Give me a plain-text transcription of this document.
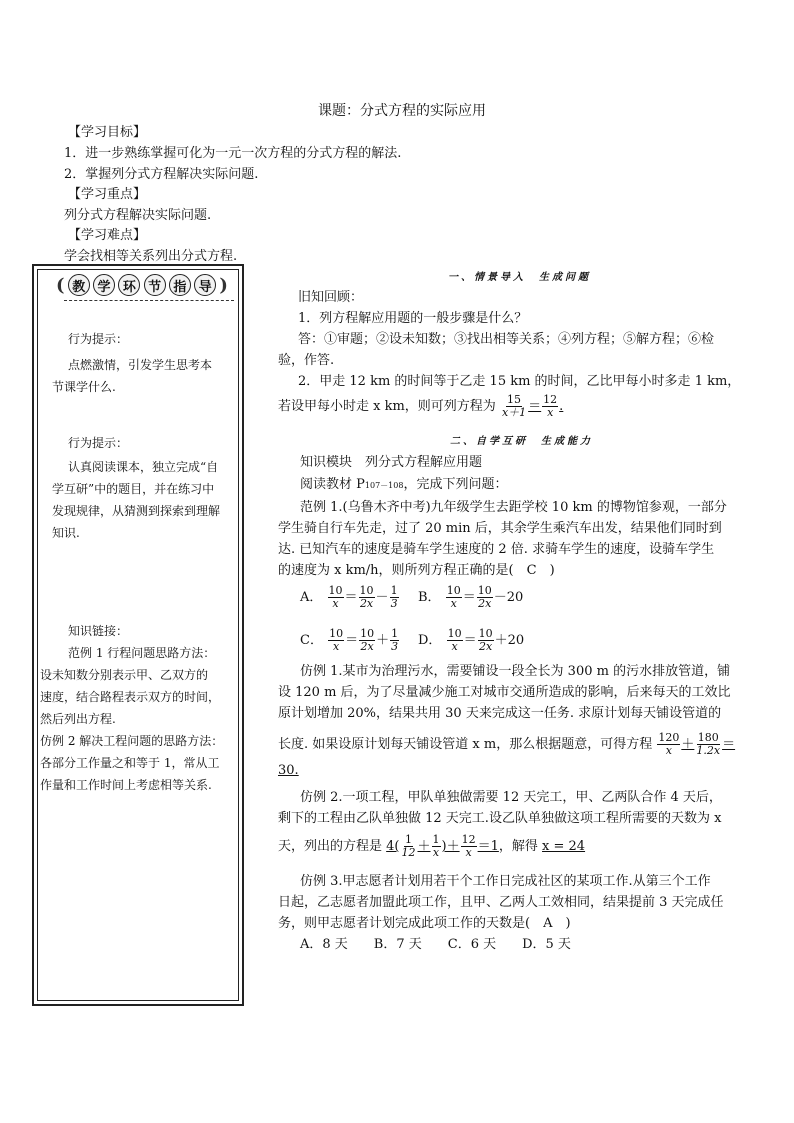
课题：分式方程的实际应用
【学习目标】
1．进一步熟练掌握可化为一元一次方程的分式方程的解法.
2．掌握列分式方程解决实际问题.
【学习重点】
列分式方程解决实际问题.
【学习难点】
学会找相等关系列出分式方程.
( 教 学 环 节 指 导 )
行为提示：
点燃激情，引发学生思考本
节课学什么.
行为提示：
认真阅读课本，独立完成“自
学互研”中的题目，并在练习中
发现规律，从猜测到探索到理解
知识.
知识链接：
范例 1 行程问题思路方法：
设未知数分别表示甲、乙双方的
速度，结合路程表示双方的时间，
然后列出方程.
仿例 2 解决工程问题的思路方法：
各部分工作量之和等于 1，常从工
作量和工作时间上考虑相等关系.
一、情景导入　生成问题
旧知回顾：
1．列方程解应用题的一般步骤是什么？
答：①审题；②设未知数；③找出相等关系；④列方程；⑤解方程；⑥检
验，作答.
2．甲走 12 km 的时间等于乙走 15 km 的时间，乙比甲每小时多走 1 km，
若设甲每小时走 x km，则可列方程为 $\frac{15}{x+1} = \frac{12}{x}$ .
二、自学互研　生成能力
知识模块　列分式方程解应用题
阅读教材 P107－108，完成下列问题：
范例 1.(乌鲁木齐中考)九年级学生去距学校 10 km 的博物馆参观，一部分
学生骑自行车先走，过了 20 min 后，其余学生乘汽车出发，结果他们同时到
达. 已知汽车的速度是骑车学生速度的 2 倍. 求骑车学生的速度，设骑车学生
的速度为 x km/h，则所列方程正确的是(　C　)
A． $\frac{10}{x} = \frac{10}{2x} - \frac{1}{3}$ B． $\frac{10}{x} = \frac{10}{2x} -20$
C． $\frac{10}{x} = \frac{10}{2x} + \frac{1}{3}$ D． $\frac{10}{x} = \frac{10}{2x} +20$
仿例 1.某市为治理污水，需要铺设一段全长为 300 m 的污水排放管道，铺
设 120 m 后，为了尽量减少施工对城市交通所造成的影响，后来每天的工效比
原计划增加 20%，结果共用 30 天来完成这一任务. 求原计划每天铺设管道的
长度. 如果设原计划每天铺设管道 x m，那么根据题意，可得方程 $\frac{120}{x} + \frac{180}{1.2x}$ ＝
30.
仿例 2.一项工程，甲队单独做需要 12 天完工，甲、乙两队合作 4 天后，
剩下的工程由乙队单独做 12 天完工.设乙队单独做这项工程所需要的天数为 x
天，列出的方程是 $4( \frac{1}{12} + \frac{1}{x}$ )＋ $\frac{12}{x} =1$，解得 x = 24
仿例 3.甲志愿者计划用若干个工作日完成社区的某项工作.从第三个工作
日起，乙志愿者加盟此项工作，且甲、乙两人工效相同，结果提前 3 天完成任
务，则甲志愿者计划完成此项工作的天数是(　A　)
A．8 天　　B．7 天　　C．6 天　　D．5 天
